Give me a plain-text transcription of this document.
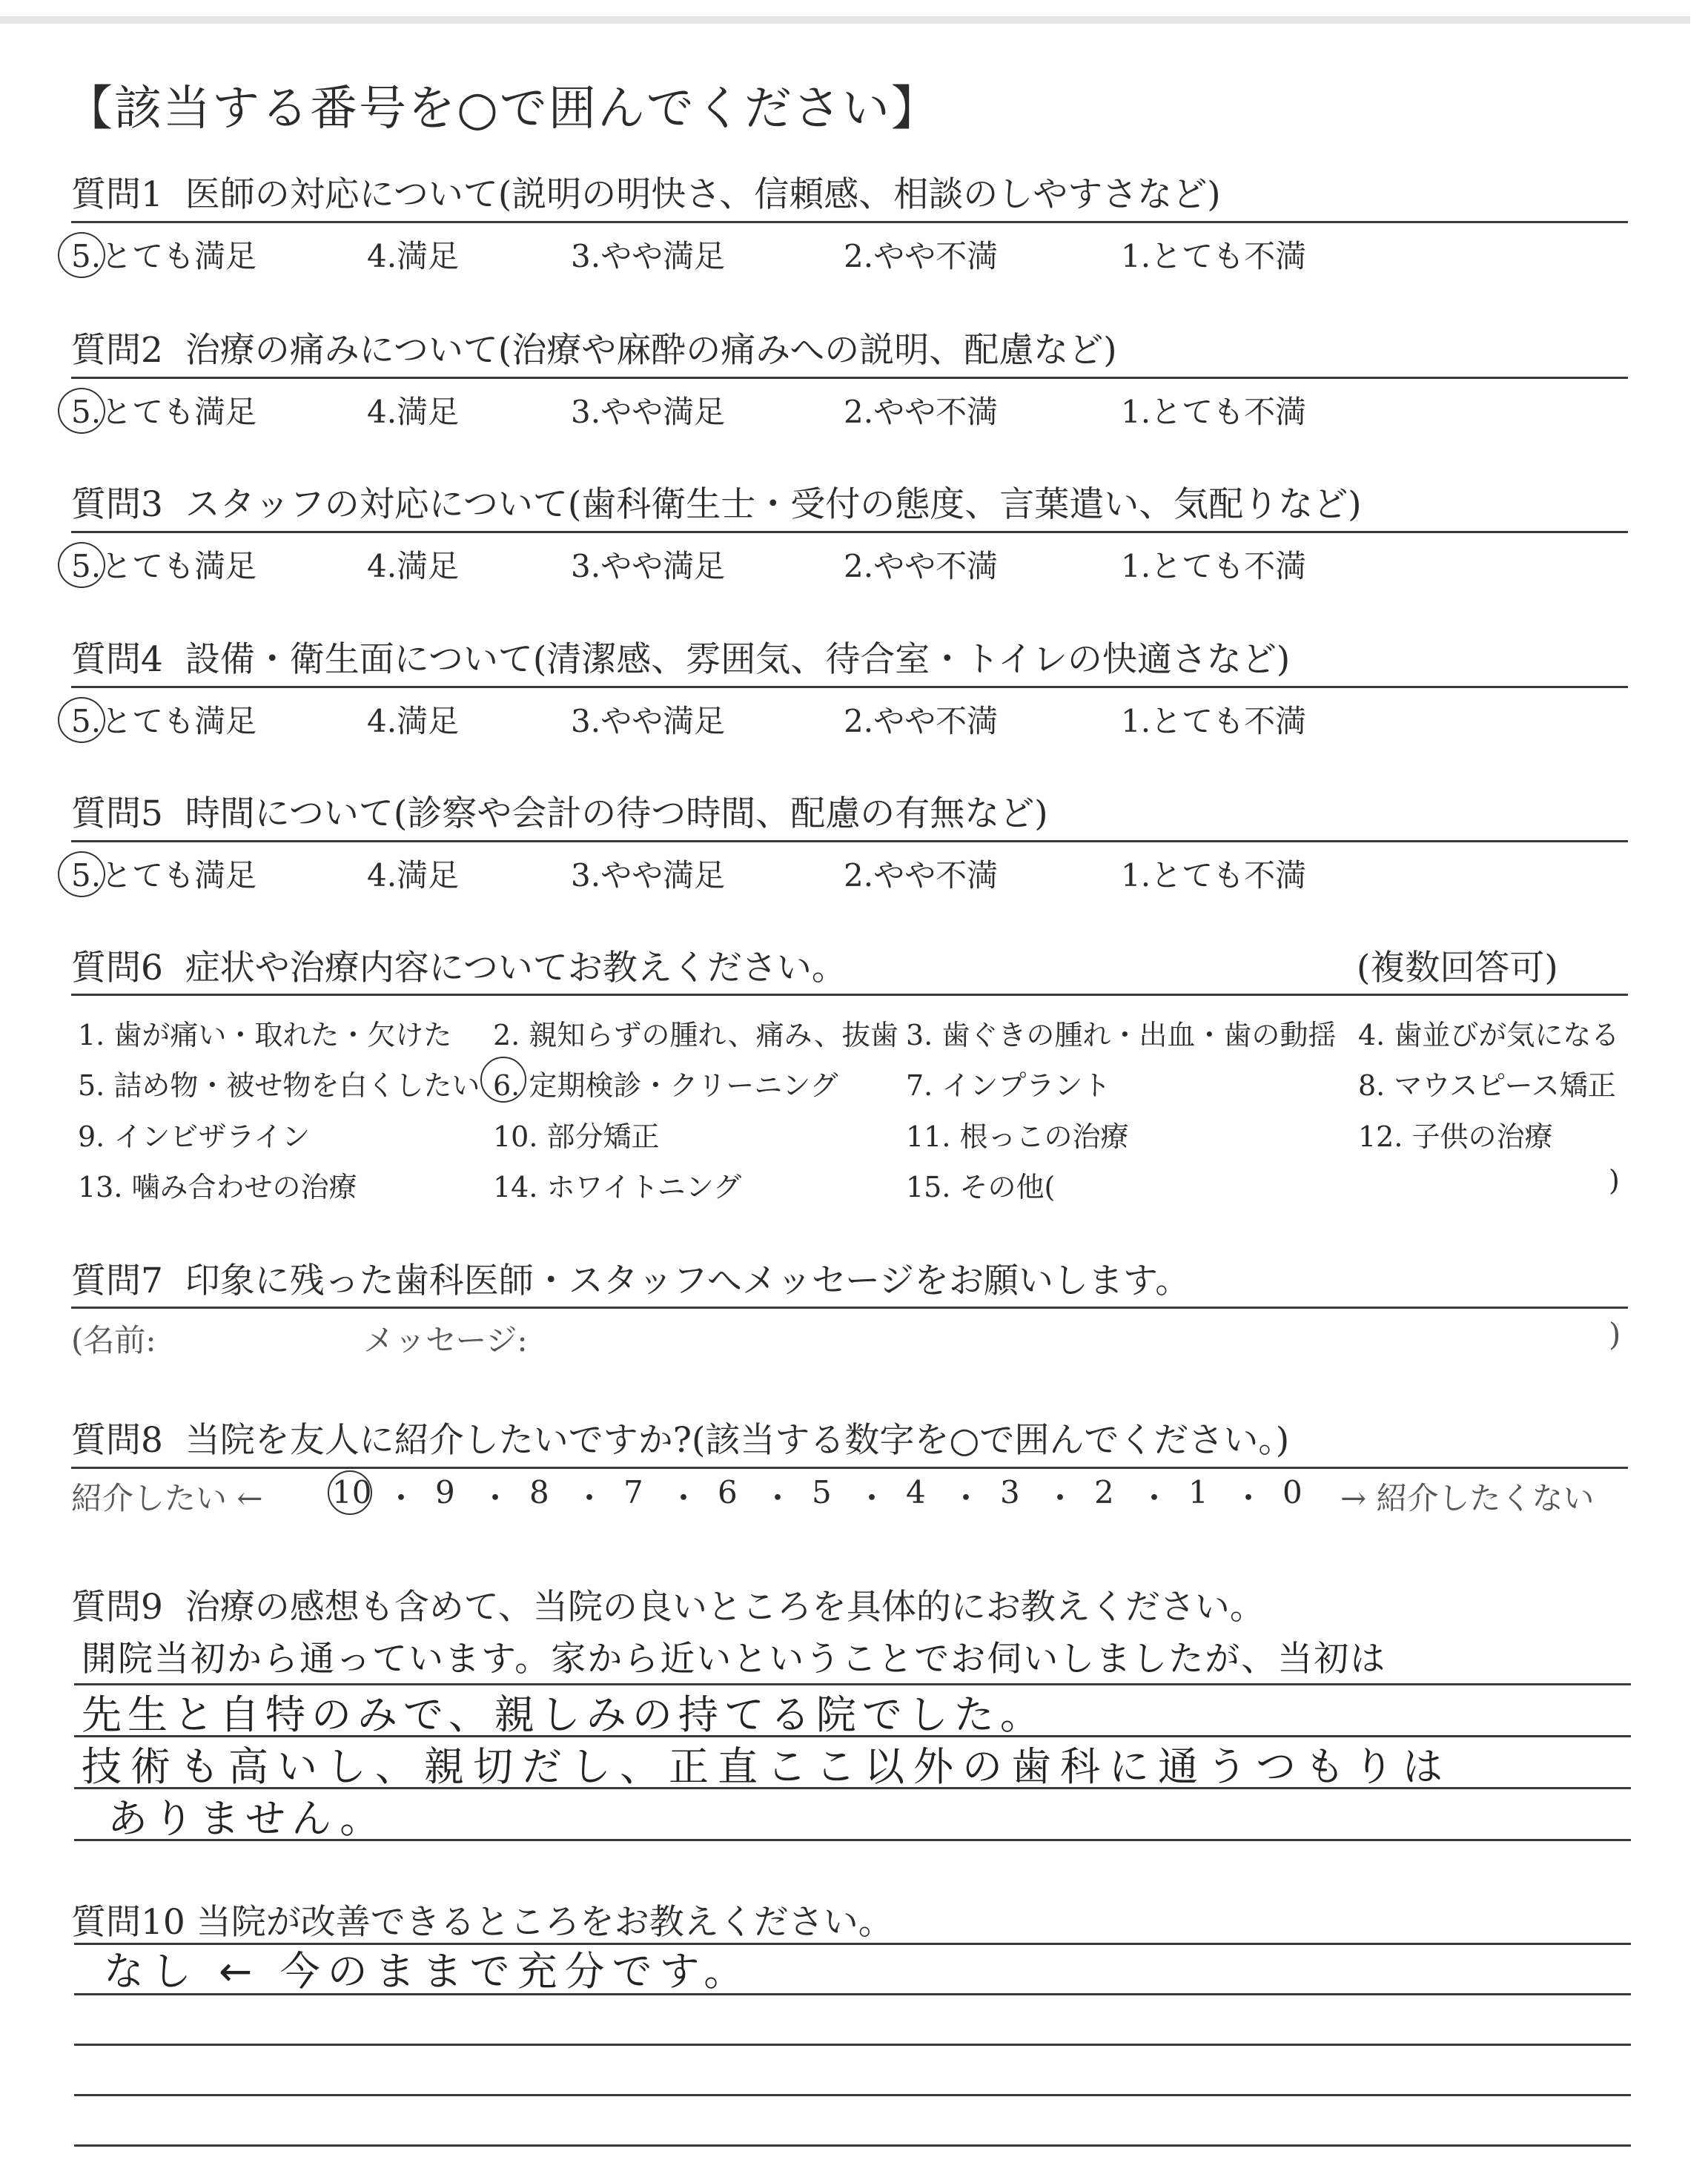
【該当する番号を○で囲んでください】
質問1 医師の対応について(説明の明快さ、信頼感、相談のしやすさなど)
5.とても満足	4.満足	3.やや満足	2.やや不満	1.とても不満
質問2 治療の痛みについて(治療や麻酔の痛みへの説明、配慮など)
5.とても満足	4.満足	3.やや満足	2.やや不満	1.とても不満
質問3 スタッフの対応について(歯科衛生士・受付の態度、言葉遣い、気配りなど)
5.とても満足	4.満足	3.やや満足	2.やや不満	1.とても不満
質問4 設備・衛生面について(清潔感、雰囲気、待合室・トイレの快適さなど)
5.とても満足	4.満足	3.やや満足	2.やや不満	1.とても不満
質問5 時間について(診察や会計の待つ時間、配慮の有無など)
5.とても満足	4.満足	3.やや満足	2.やや不満	1.とても不満
質問6 症状や治療内容についてお教えください。	(複数回答可)
1. 歯が痛い・取れた・欠けた 2. 親知らずの腫れ、痛み、抜歯 3. 歯ぐきの腫れ・出血・歯の動揺 4. 歯並びが気になる
5. 詰め物・被せ物を白くしたい 6. 定期検診・クリーニング 7. インプラント	8. マウスピース矯正
9. インビザライン	10. 部分矯正	11. 根っこの治療	12. 子供の治療
13. 噛み合わせの治療	14. ホワイトニング	15. その他(	)
質問7 印象に残った歯科医師・スタッフへメッセージをお願いします。
(名前:	メッセージ:	)
質問8 当院を友人に紹介したいですか?(該当する数字を○で囲んでください。)
紹介したい ←	→ 紹介したくない
10 ・ 9 ・ 8 ・ 7 ・ 6 ・ 5 ・ 4 ・ 3 ・ 2 ・ 1 ・ 0
質問9 治療の感想も含めて、当院の良いところを具体的にお教えください。
開院当初から通っています。家から近いということでお伺いしましたが、当初は
先生と自特のみで、親しみの持てる院でした。
技術も高いし、親切だし、正直ここ以外の歯科に通うつもりは
ありません。
質問10 当院が改善できるところをお教えください。
なし ← 今のままで充分です。
